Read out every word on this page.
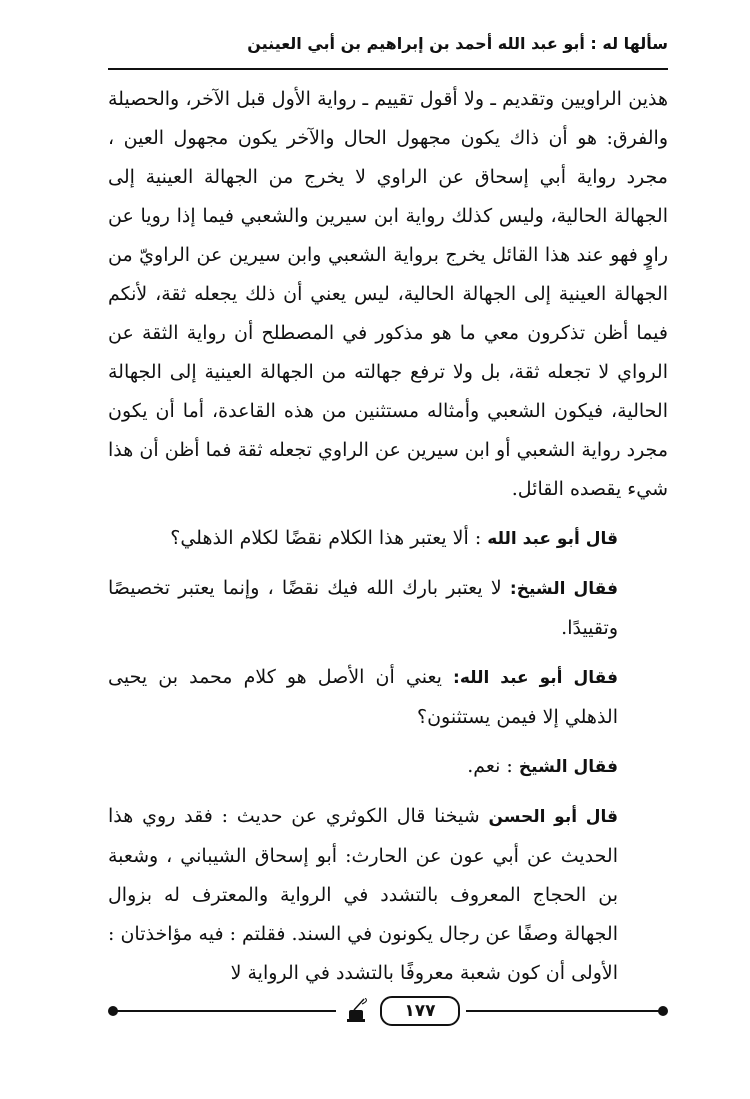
سألها له : أبو عبد الله أحمد بن إبراهيم بن أبي العينين

هذين الراويين وتقديم ـ ولا أقول تقييم ـ رواية الأول قبل الآخر، والحصيلة والفرق: هو أن ذاك يكون مجهول الحال والآخر يكون مجهول العين ، مجرد رواية أبي إسحاق عن الراوي لا يخرج من الجهالة العينية إلى الجهالة الحالية، وليس كذلك رواية ابن سيرين والشعبي فيما إذا رويا عن راوٍ فهو عند هذا القائل يخرج برواية الشعبي وابن سيرين عن الراويّ من الجهالة العينية إلى الجهالة الحالية، ليس يعني أن ذلك يجعله ثقة، لأنكم فيما أظن تذكرون معي ما هو مذكور في المصطلح أن رواية الثقة عن الرواي لا تجعله ثقة، بل ولا ترفع جهالته من الجهالة العينية إلى الجهالة الحالية، فيكون الشعبي وأمثاله مستثنين من هذه القاعدة، أما أن يكون مجرد رواية الشعبي أو ابن سيرين عن الراوي تجعله ثقة فما أظن أن هذا شيء يقصده القائل.

قال أبو عبد الله : ألا يعتبر هذا الكلام نقضًا لكلام الذهلي؟

فقال الشيخ: لا يعتبر بارك الله فيك نقضًا ، وإنما يعتبر تخصيصًا وتقييدًا.

فقال أبو عبد الله: يعني أن الأصل هو كلام محمد بن يحيى الذهلي إلا فيمن يستثنون؟

فقال الشيخ : نعم.

قال أبو الحسن شيخنا قال الكوثري عن حديث : فقد روي هذا الحديث عن أبي عون عن الحارث: أبو إسحاق الشيباني ، وشعبة بن الحجاج المعروف بالتشدد في الرواية والمعترف له بزوال الجهالة وصفًا عن رجال يكونون في السند. فقلتم : فيه مؤاخذتان : الأولى أن كون شعبة معروفًا بالتشدد في الرواية لا

١٧٧
